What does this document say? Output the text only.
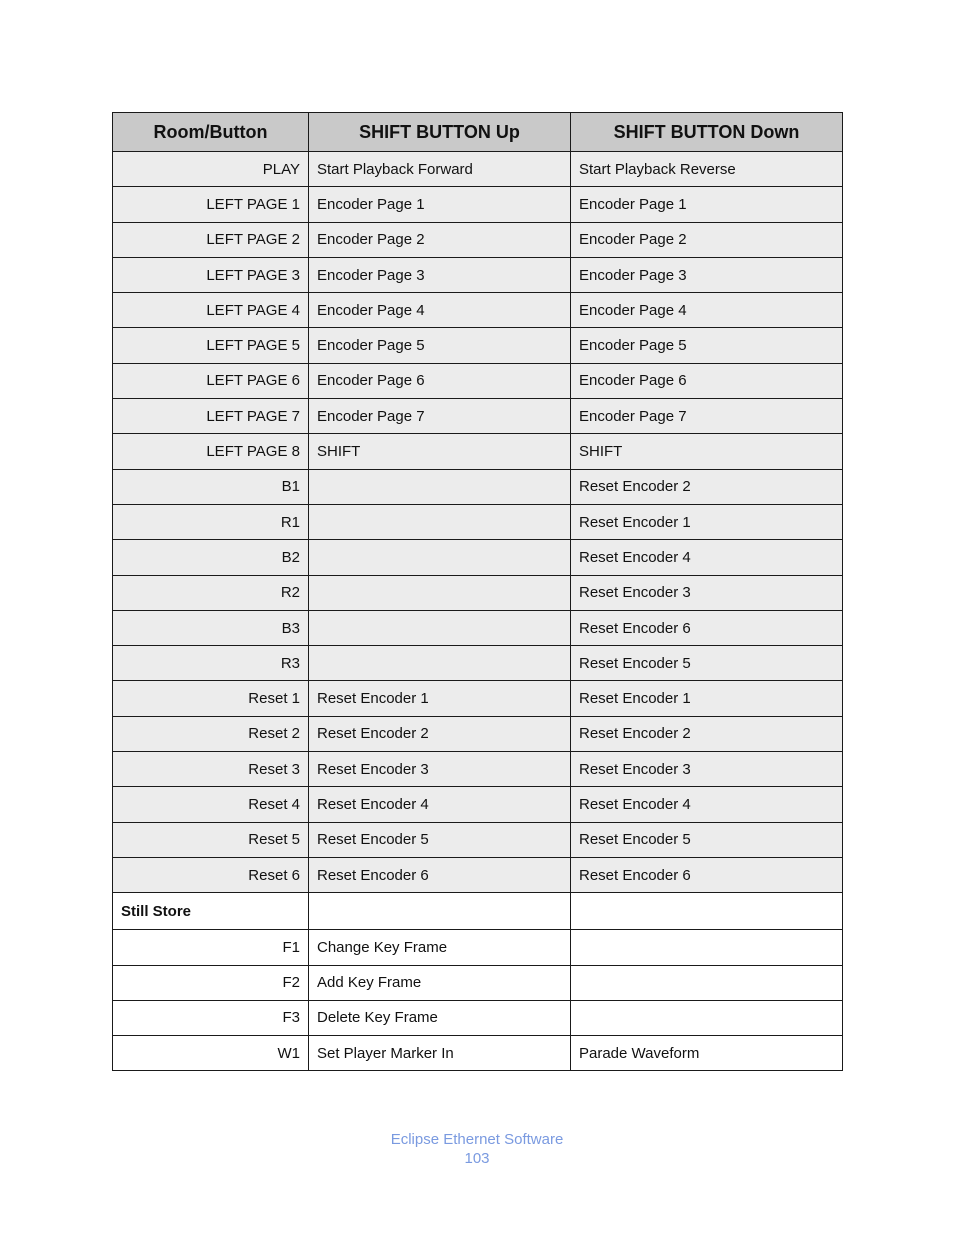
Room/Button	SHIFT BUTTON Up	SHIFT BUTTON Down
PLAY	Start Playback Forward	Start Playback Reverse
LEFT PAGE 1	Encoder Page 1	Encoder Page 1
LEFT PAGE 2	Encoder Page 2	Encoder Page 2
LEFT PAGE 3	Encoder Page 3	Encoder Page 3
LEFT PAGE 4	Encoder Page 4	Encoder Page 4
LEFT PAGE 5	Encoder Page 5	Encoder Page 5
LEFT PAGE 6	Encoder Page 6	Encoder Page 6
LEFT PAGE 7	Encoder Page 7	Encoder Page 7
LEFT PAGE 8	SHIFT	SHIFT
B1		Reset Encoder 2
R1		Reset Encoder 1
B2		Reset Encoder 4
R2		Reset Encoder 3
B3		Reset Encoder 6
R3		Reset Encoder 5
Reset 1	Reset Encoder 1	Reset Encoder 1
Reset 2	Reset Encoder 2	Reset Encoder 2
Reset 3	Reset Encoder 3	Reset Encoder 3
Reset 4	Reset Encoder 4	Reset Encoder 4
Reset 5	Reset Encoder 5	Reset Encoder 5
Reset 6	Reset Encoder 6	Reset Encoder 6
Still Store		
F1	Change Key Frame	
F2	Add Key Frame	
F3	Delete Key Frame	
W1	Set Player Marker In	Parade Waveform
Eclipse Ethernet Software
103
